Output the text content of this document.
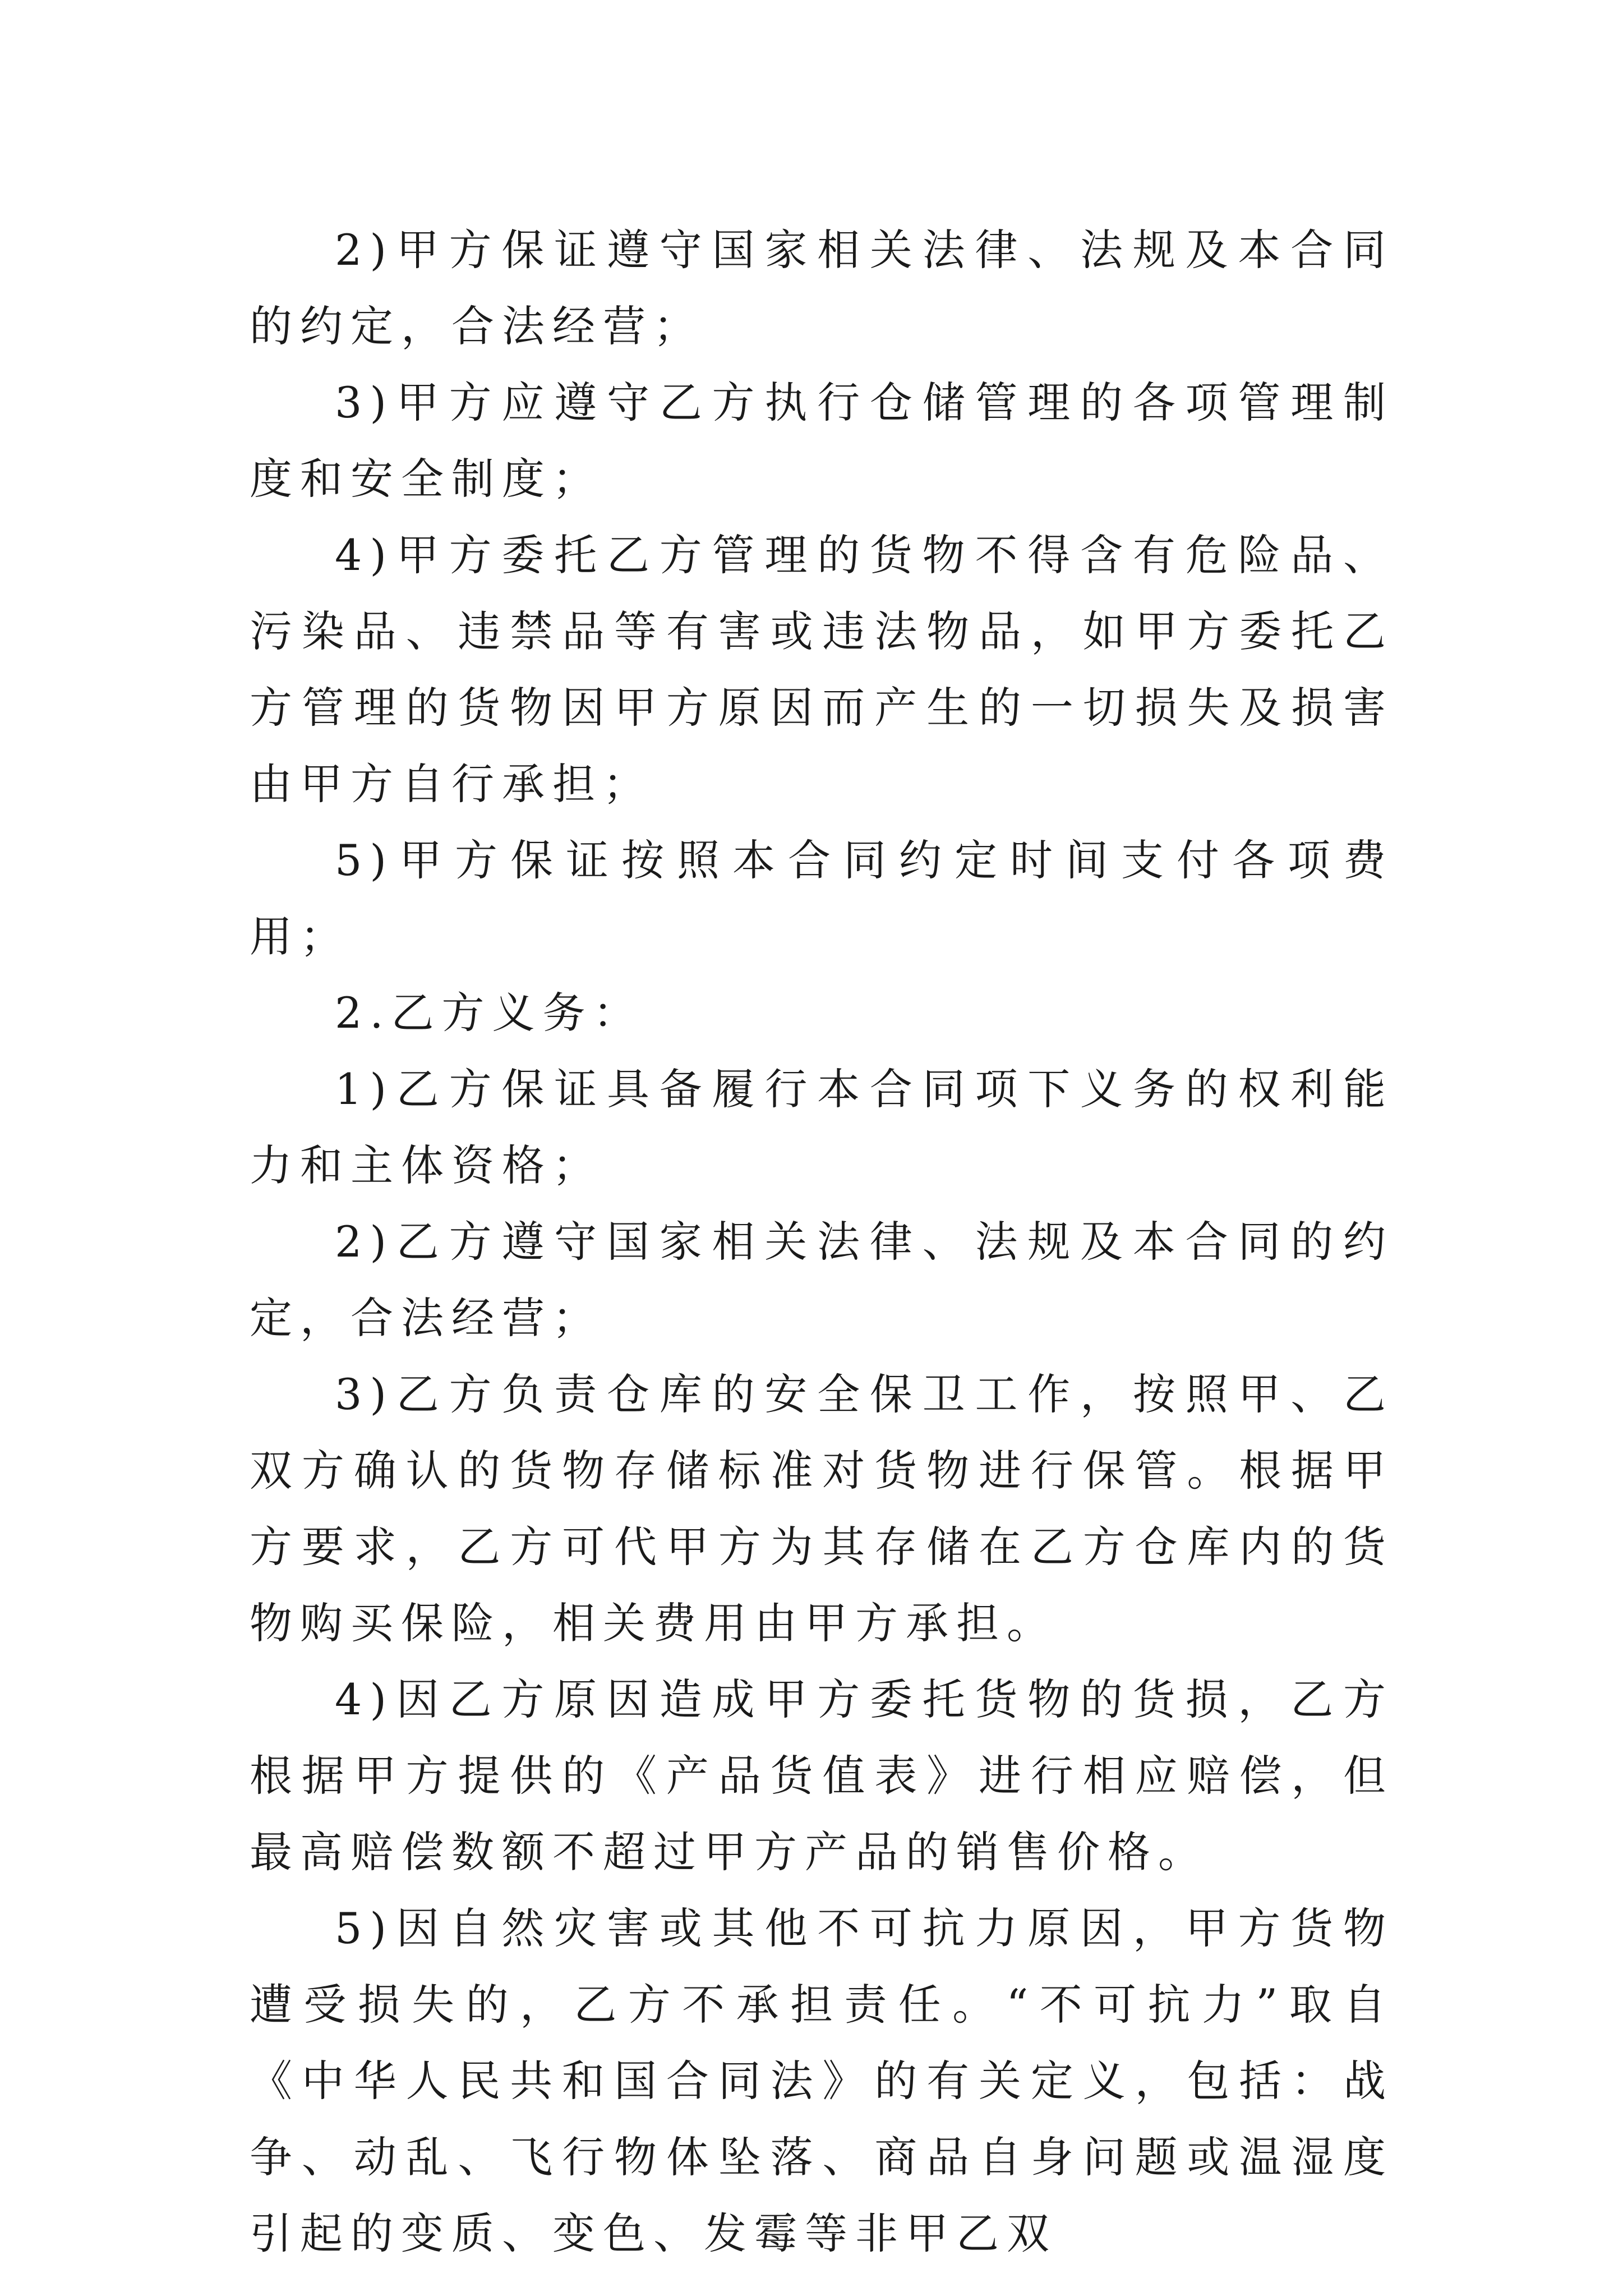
2)甲方保证遵守国家相关法律、法规及本合同的约定，合法经营；

3)甲方应遵守乙方执行仓储管理的各项管理制度和安全制度；

4)甲方委托乙方管理的货物不得含有危险品、污染品、违禁品等有害或违法物品，如甲方委托乙方管理的货物因甲方原因而产生的一切损失及损害由甲方自行承担；

5)甲方保证按照本合同约定时间支付各项费用；

2.乙方义务：

1)乙方保证具备履行本合同项下义务的权利能力和主体资格；

2)乙方遵守国家相关法律、法规及本合同的约定，合法经营；

3)乙方负责仓库的安全保卫工作，按照甲、乙双方确认的货物存储标准对货物进行保管。根据甲方要求，乙方可代甲方为其存储在乙方仓库内的货物购买保险，相关费用由甲方承担。

4)因乙方原因造成甲方委托货物的货损，乙方根据甲方提供的《产品货值表》进行相应赔偿，但最高赔偿数额不超过甲方产品的销售价格。

5)因自然灾害或其他不可抗力原因，甲方货物遭受损失的，乙方不承担责任。“不可抗力”取自《中华人民共和国合同法》的有关定义，包括：战争、动乱、飞行物体坠落、商品自身问题或温湿度引起的变质、变色、发霉等非甲乙双
